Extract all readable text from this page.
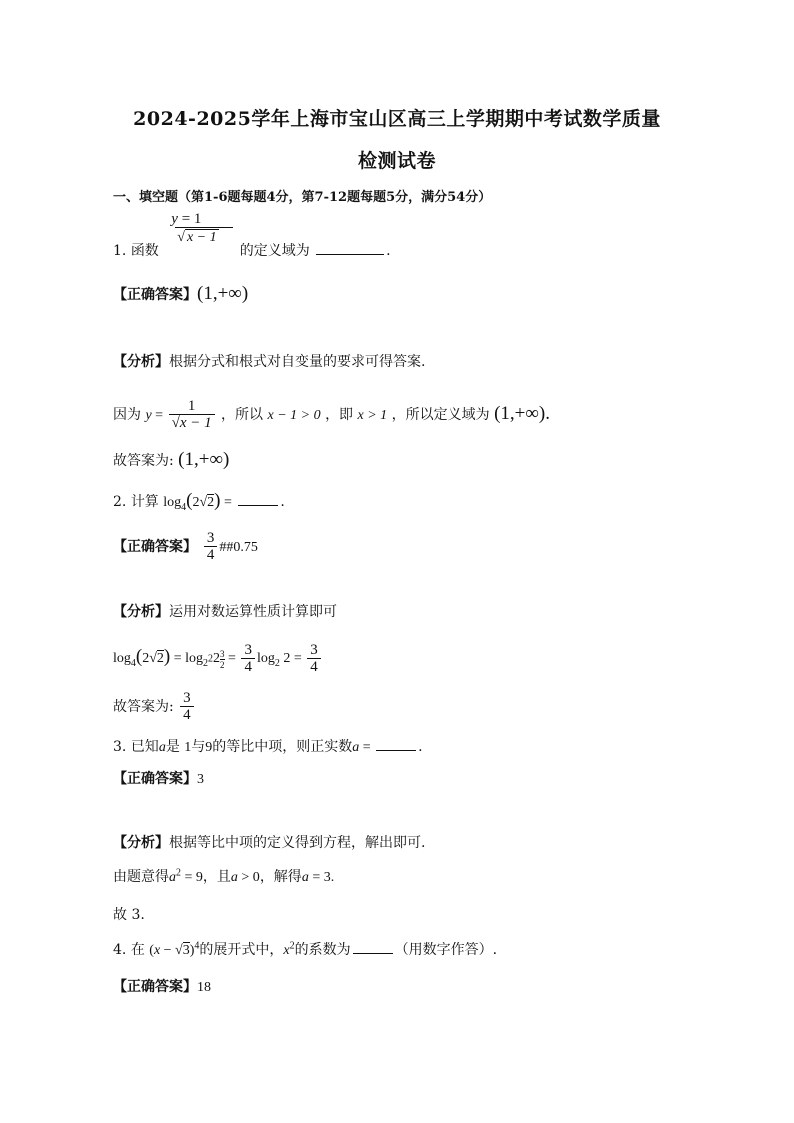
2024-2025学年上海市宝山区高三上学期期中考试数学质量
检测试卷
一、填空题（第1-6题每题4分，第7-12题每题5分，满分54分）
1. 函数
y = 1

√ x − 1
的定义域为	.
【正确答案】(1,+∞)
【分析】根据分式和根式对自变量的要求可得答案.
因为 $y = \frac{1}{√x - 1}$ ，所以 x − 1 > 0 ，即 x > 1 ，所以定义域为 (1,+∞).
故答案为: (1,+∞)
2. 计算 $\log_4(2√2)$ =	.
【正确答案】 $\frac{3}{4}$ ##0.75
【分析】运用对数运算性质计算即可
$\log_4(2√2) = \log_{2^2}2$ $^{\frac{3}{2}} = \frac{3}{4} \log_2 2 = \frac{3}{4}$
故答案为: $\frac{3}{4}$
3. 已知a是 1与9的等比中项，则正实数a =	.
【正确答案】3
【分析】根据等比中项的定义得到方程，解出即可.
由题意得$a^2 = 9$，且a > 0，解得a = 3.
故 3.
4. 在 $(x - √3)^4$的展开式中，$x^2$的系数为	（用数字作答）.
【正确答案】18
